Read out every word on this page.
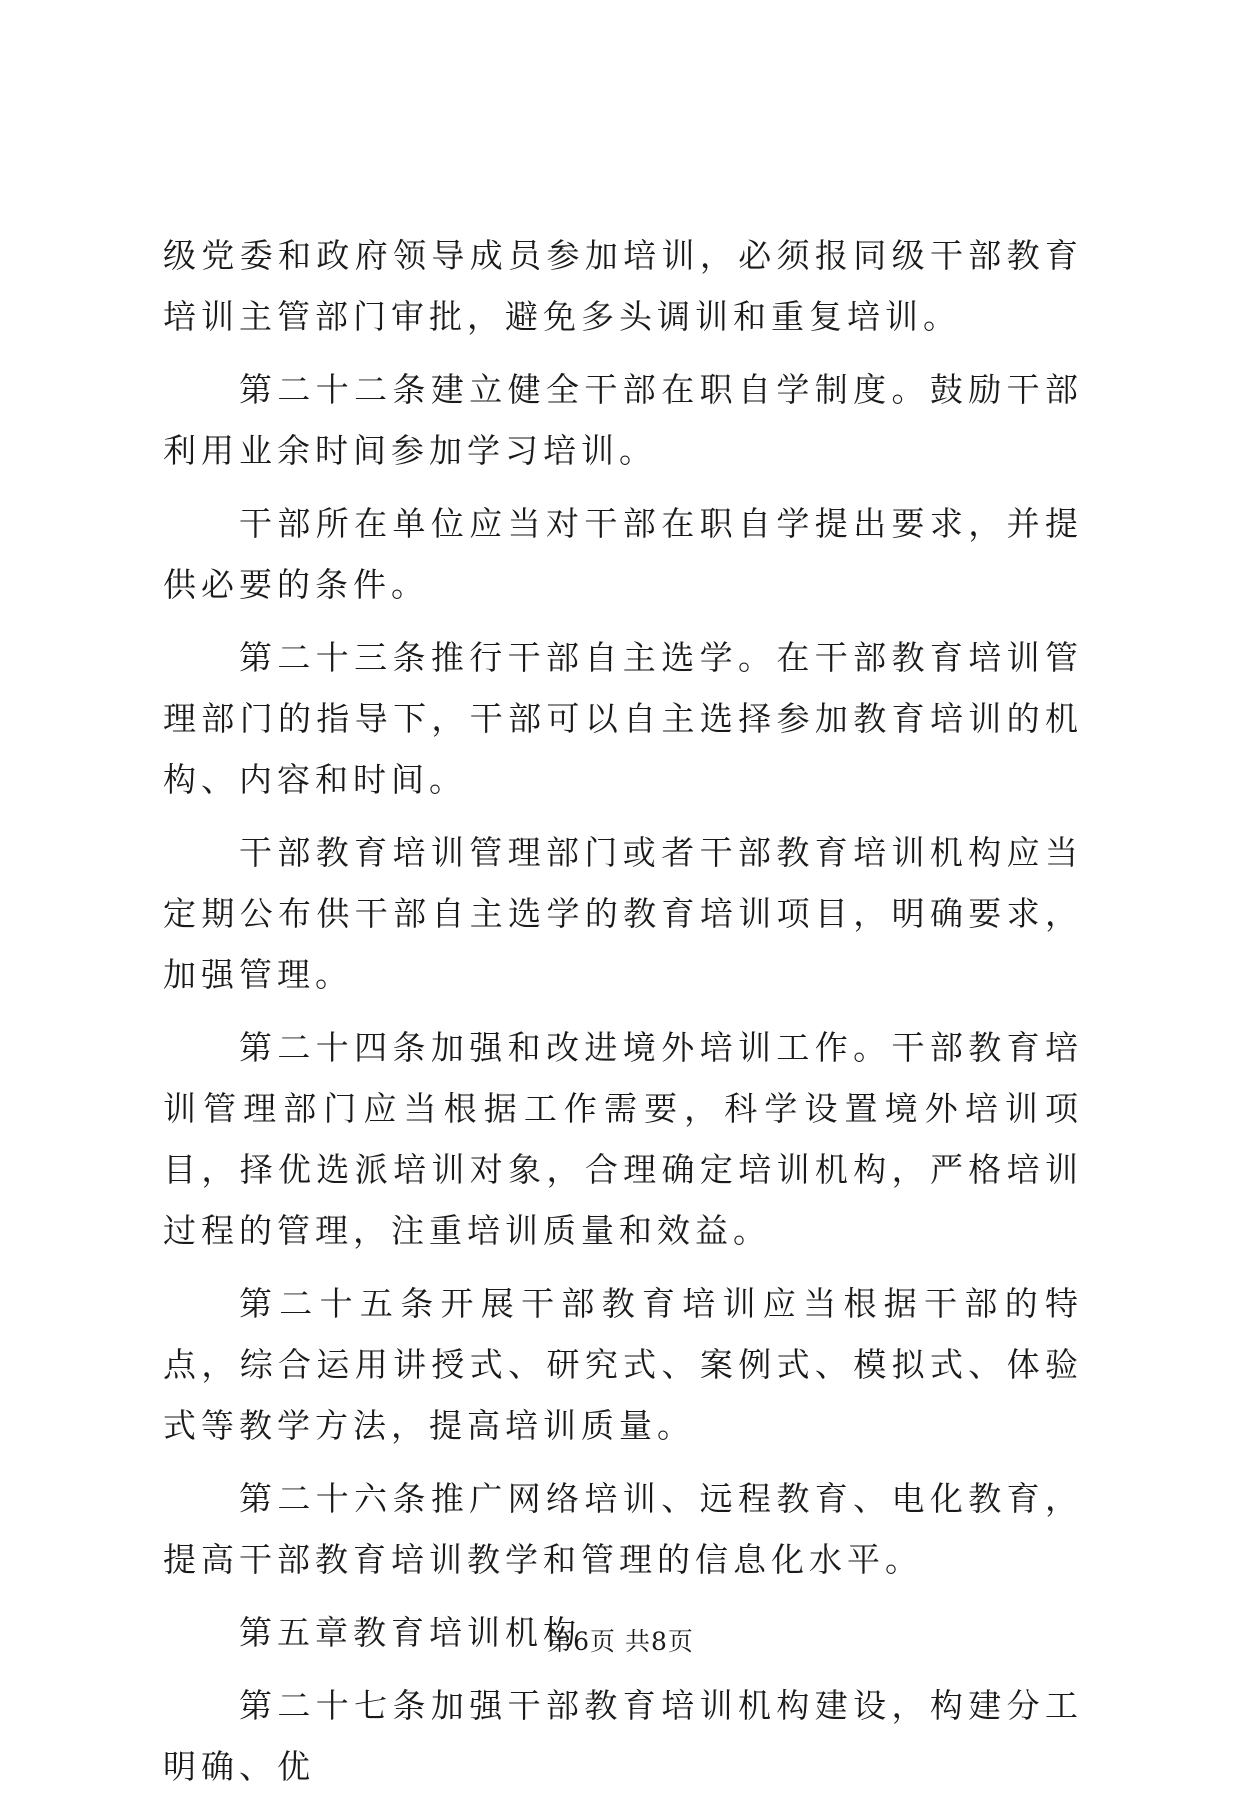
级党委和政府领导成员参加培训，必须报同级干部教育培训主管部门审批，避免多头调训和重复培训。

第二十二条建立健全干部在职自学制度。鼓励干部利用业余时间参加学习培训。

干部所在单位应当对干部在职自学提出要求，并提供必要的条件。

第二十三条推行干部自主选学。在干部教育培训管理部门的指导下，干部可以自主选择参加教育培训的机构、内容和时间。

干部教育培训管理部门或者干部教育培训机构应当定期公布供干部自主选学的教育培训项目，明确要求，加强管理。

第二十四条加强和改进境外培训工作。干部教育培训管理部门应当根据工作需要，科学设置境外培训项目，择优选派培训对象，合理确定培训机构，严格培训过程的管理，注重培训质量和效益。

第二十五条开展干部教育培训应当根据干部的特点，综合运用讲授式、研究式、案例式、模拟式、体验式等教学方法，提高培训质量。

第二十六条推广网络培训、远程教育、电化教育，提高干部教育培训教学和管理的信息化水平。

第五章教育培训机构

第二十七条加强干部教育培训机构建设，构建分工明确、优

第6页 共8页
